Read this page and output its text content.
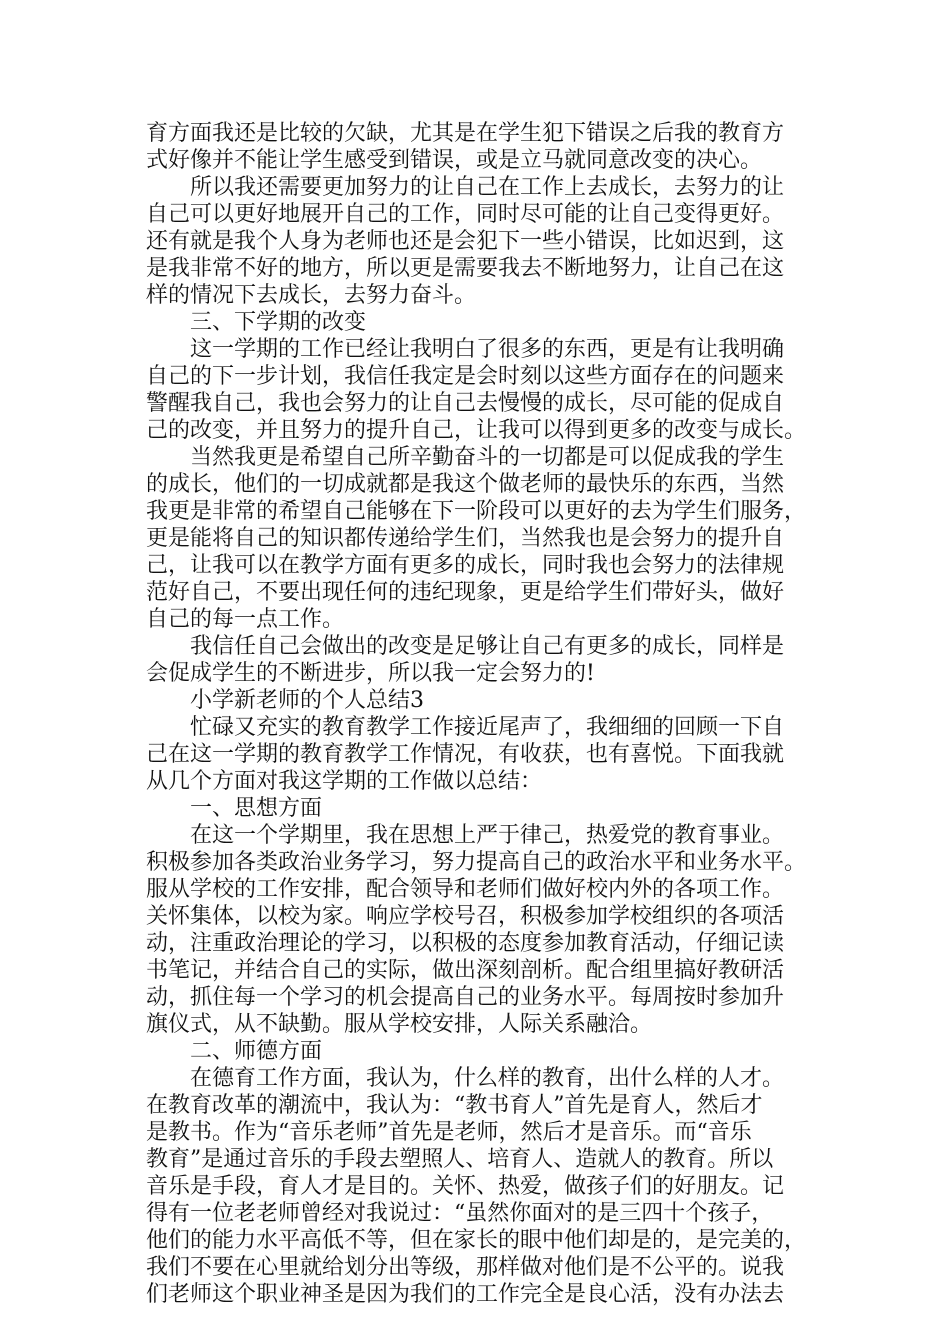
育方面我还是比较的欠缺，尤其是在学生犯下错误之后我的教育方
式好像并不能让学生感受到错误，或是立马就同意改变的决心。
所以我还需要更加努力的让自己在工作上去成长，去努力的让
自己可以更好地展开自己的工作，同时尽可能的让自己变得更好。
还有就是我个人身为老师也还是会犯下一些小错误，比如迟到，这
是我非常不好的地方，所以更是需要我去不断地努力，让自己在这
样的情况下去成长，去努力奋斗。
三、下学期的改变
这一学期的工作已经让我明白了很多的东西，更是有让我明确
自己的下一步计划，我信任我定是会时刻以这些方面存在的问题来
警醒我自己，我也会努力的让自己去慢慢的成长，尽可能的促成自
己的改变，并且努力的提升自己，让我可以得到更多的改变与成长。
当然我更是希望自己所辛勤奋斗的一切都是可以促成我的学生
的成长，他们的一切成就都是我这个做老师的最快乐的东西，当然
我更是非常的希望自己能够在下一阶段可以更好的去为学生们服务，
更是能将自己的知识都传递给学生们，当然我也是会努力的提升自
己，让我可以在教学方面有更多的成长，同时我也会努力的法律规
范好自己，不要出现任何的违纪现象，更是给学生们带好头，做好
自己的每一点工作。
我信任自己会做出的改变是足够让自己有更多的成长，同样是
会促成学生的不断进步，所以我一定会努力的!
小学新老师的个人总结3
忙碌又充实的教育教学工作接近尾声了，我细细的回顾一下自
己在这一学期的教育教学工作情况，有收获，也有喜悦。下面我就
从几个方面对我这学期的工作做以总结：
一、思想方面
在这一个学期里，我在思想上严于律己，热爱党的教育事业。
积极参加各类政治业务学习，努力提高自己的政治水平和业务水平。
服从学校的工作安排，配合领导和老师们做好校内外的各项工作。
关怀集体，以校为家。响应学校号召，积极参加学校组织的各项活
动，注重政治理论的学习，以积极的态度参加教育活动，仔细记读
书笔记，并结合自己的实际，做出深刻剖析。配合组里搞好教研活
动，抓住每一个学习的机会提高自己的业务水平。每周按时参加升
旗仪式，从不缺勤。服从学校安排，人际关系融洽。
二、师德方面
在德育工作方面，我认为，什么样的教育，出什么样的人才。
在教育改革的潮流中，我认为：“教书育人”首先是育人，然后才
是教书。作为“音乐老师”首先是老师，然后才是音乐。而“音乐
教育”是通过音乐的手段去塑照人、培育人、造就人的教育。所以
音乐是手段，育人才是目的。关怀、热爱，做孩子们的好朋友。记
得有一位老老师曾经对我说过：“虽然你面对的是三四十个孩子，
他们的能力水平高低不等，但在家长的眼中他们却是的，是完美的，
我们不要在心里就给划分出等级，那样做对他们是不公平的。说我
们老师这个职业神圣是因为我们的工作完全是良心活，没有办法去
